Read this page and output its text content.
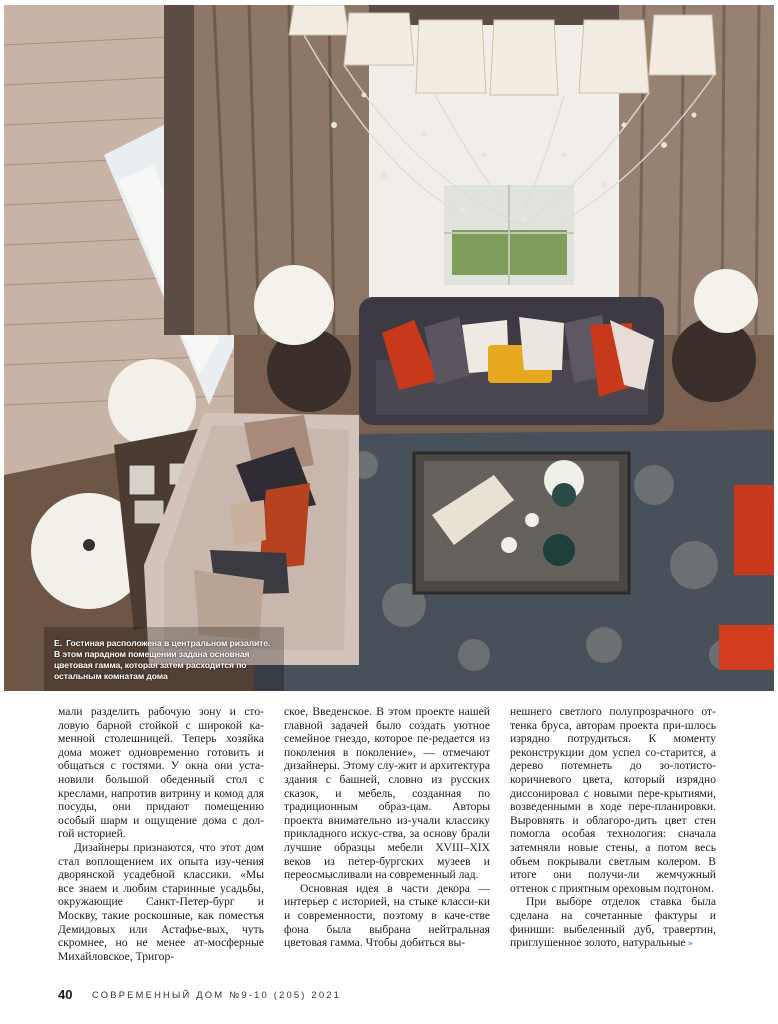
Е. Гостиная расположена в центральном ризалите. В этом парадном помещении задана основная цветовая гамма, которая затем расходится по остальным комнатам дома

мали разделить рабочую зону и сто-ловую барной стойкой с широкой ка-менной столешницей. Теперь хозяйка дома может одновременно готовить и общаться с гостями. У окна они уста-новили большой обеденный стол с креслами, напротив витрину и комод для посуды, они придают помещению особый шарм и ощущение дома с дол-гой историей.

Дизайнеры признаются, что этот дом стал воплощением их опыта изу-чения дворянской усадебной классики. «Мы все знаем и любим старинные усадьбы, окружающие Санкт-Петер-бург и Москву, такие роскошные, как поместья Демидовых или Астафье-вых, чуть скромнее, но не менее ат-мосферные Михайловское, Тригор-

ское, Введенское. В этом проекте нашей главной задачей было создать уютное семейное гнездо, которое пе-редается из поколения в поколение», — отмечают дизайнеры. Этому слу-жит и архитектура здания с башней, словно из русских сказок, и мебель, созданная по традиционным образ-цам. Авторы проекта внимательно из-учали классику прикладного искус-ства, за основу брали лучшие образцы мебели XVIII–XIX веков из петер-бургских музеев и переосмысливали на современный лад.

Основная идея в части декора — интерьер с историей, на стыке класси-ки и современности, поэтому в каче-стве фона была выбрана нейтральная цветовая гамма. Чтобы добиться вы-

нешнего светлого полупрозрачного от-тенка бруса, авторам проекта при-шлось изрядно потрудиться. К моменту реконструкции дом успел со-старится, а дерево потемнеть до зо-лотисто-коричневого цвета, который изрядно диссонировал с новыми пере-крытиями, возведенными в ходе пере-планировки. Выровнять и облагоро-дить цвет стен помогла особая технология: сначала затемняли новые стены, а потом весь объем покрывали светлым колером. В итоге они получи-ли жемчужный оттенок с приятным ореховым подтоном.

При выборе отделок ставка была сделана на сочетанные фактуры и финиши: выбеленный дуб, травертин, приглушенное золото, натуральные »

40 СОВРЕМЕННЫЙ ДОМ №9-10 (205) 2021
